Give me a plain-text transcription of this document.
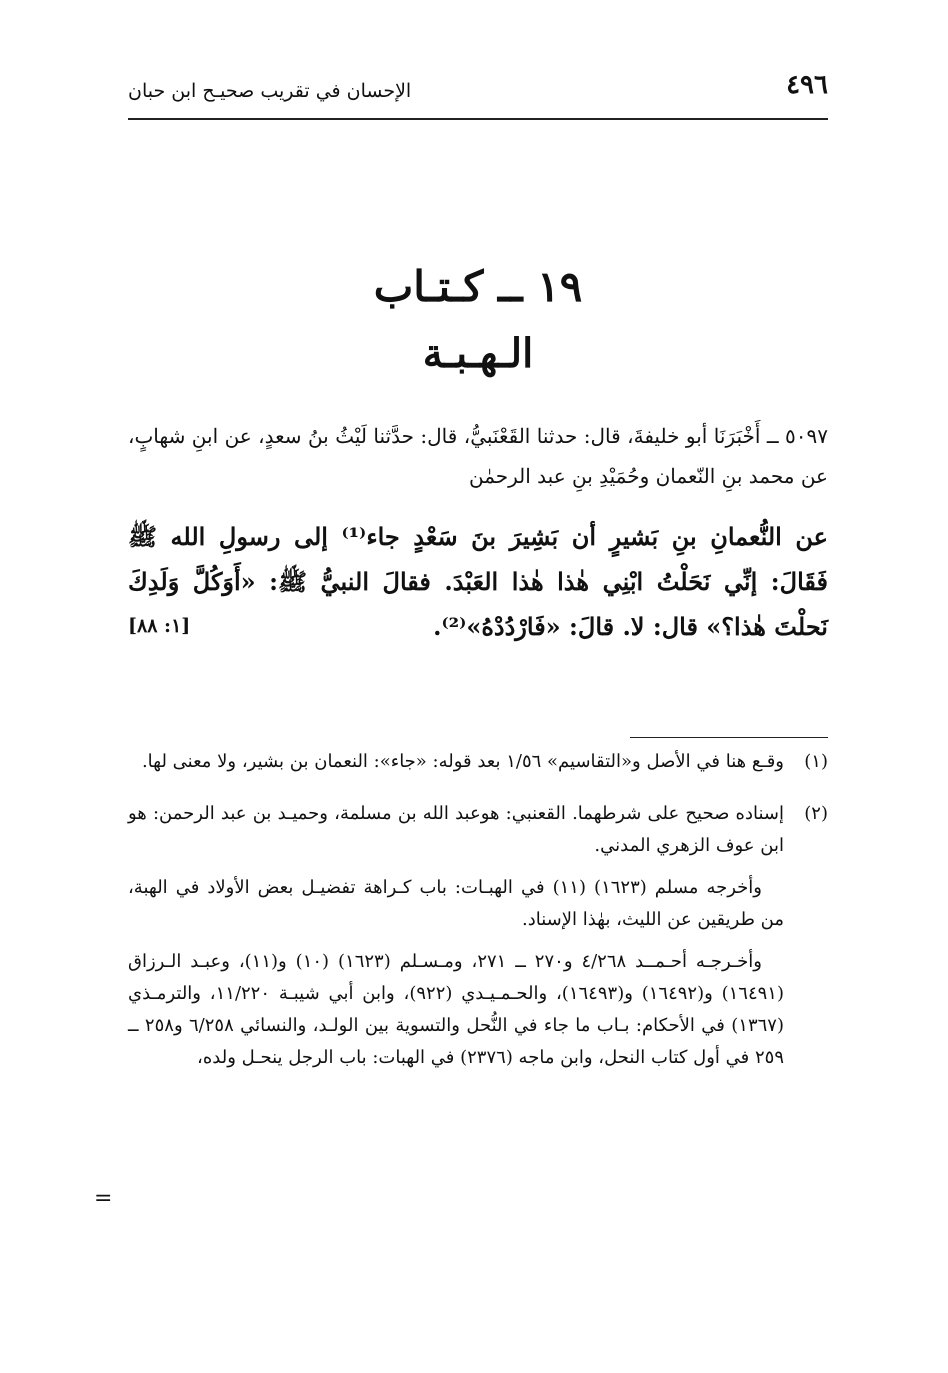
٤٩٦
الإحسان في تقريب صحيـح ابن حبان
١٩ ــ كـتـاب
الـهـبـة

٥٠٩٧ ــ أَخْبَرَنَا أبو خليفةَ، قال: حدثنا القَعْنَبيُّ، قال: حدَّثنا لَيْثُ بنُ سعدٍ، عن ابنِ شهابٍ، عن محمد بنِ النّعمان وحُمَيْدِ بنِ عبد الرحمٰن

عن النُّعمانِ بنِ بَشيرٍ أن بَشِيرَ بنَ سَعْدٍ جاء⁽¹⁾ إلى رسولِ الله ﷺ فَقَالَ: إنِّي نَحَلْتُ ابْنِي هٰذا هٰذا العَبْدَ. فقالَ النبيُّ ﷺ: «أَوَكُلَّ وَلَدِكَ نَحلْتَ هٰذا؟» قال: لا. قالَ: «فَارْدُدْهُ»⁽²⁾.
[١: ٨٨]

(١)

وقـع هنا في الأصل و«التقاسيم» ١/٥٦ بعد قوله: «جاء»: النعمان بن بشير، ولا معنى لها.

(٢)

إسناده صحيح على شرطهما. القعنبي: هوعبد الله بن مسلمة، وحميـد بن عبد الرحمن: هو ابن عوف الزهري المدني.

وأخرجه مسلم (١٦٢٣) (١١) في الهبـات: باب كـراهة تفضيـل بعض الأولاد في الهبة، من طريقين عن الليث، بهٰذا الإسناد.

وأخـرجـه أحـمــد ٤/٢٦٨ و٢٧٠ ــ ٢٧١، ومـسـلم (١٦٢٣) (١٠) و(١١)، وعبـد الـرزاق (١٦٤٩١) و(١٦٤٩٢) و(١٦٤٩٣)، والحـمـيـدي (٩٢٢)، وابن أبي شيبـة ١١/٢٢٠، والترمـذي (١٣٦٧) في الأحكام: بـاب ما جاء في النُّحل والتسوية بين الولـد، والنسائي ٦/٢٥٨ و٢٥٨ ــ ٢٥٩ في أول كتاب النحل، وابن ماجه (٢٣٧٦) في الهبات: باب الرجل ينحـل ولده،

=
